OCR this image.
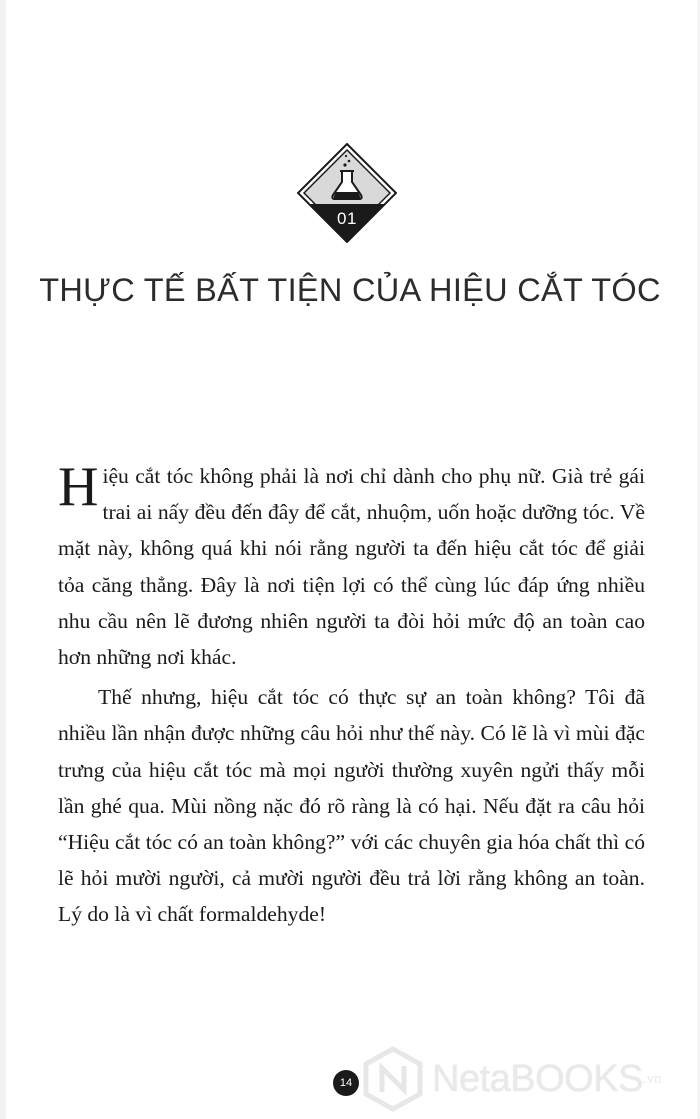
01
THỰC TẾ BẤT TIỆN CỦA HIỆU CẮT TÓC

Hiệu cắt tóc không phải là nơi chỉ dành cho phụ nữ. Già trẻ gái trai ai nấy đều đến đây để cắt, nhuộm, uốn hoặc dưỡng tóc. Về mặt này, không quá khi nói rằng người ta đến hiệu cắt tóc để giải tỏa căng thẳng. Đây là nơi tiện lợi có thể cùng lúc đáp ứng nhiều nhu cầu nên lẽ đương nhiên người ta đòi hỏi mức độ an toàn cao hơn những nơi khác.

Thế nhưng, hiệu cắt tóc có thực sự an toàn không? Tôi đã nhiều lần nhận được những câu hỏi như thế này. Có lẽ là vì mùi đặc trưng của hiệu cắt tóc mà mọi người thường xuyên ngửi thấy mỗi lần ghé qua. Mùi nồng nặc đó rõ ràng là có hại. Nếu đặt ra câu hỏi “Hiệu cắt tóc có an toàn không?” với các chuyên gia hóa chất thì có lẽ hỏi mười người, cả mười người đều trả lời rằng không an toàn. Lý do là vì chất formaldehyde!

14 NetaBOOKS .vn
